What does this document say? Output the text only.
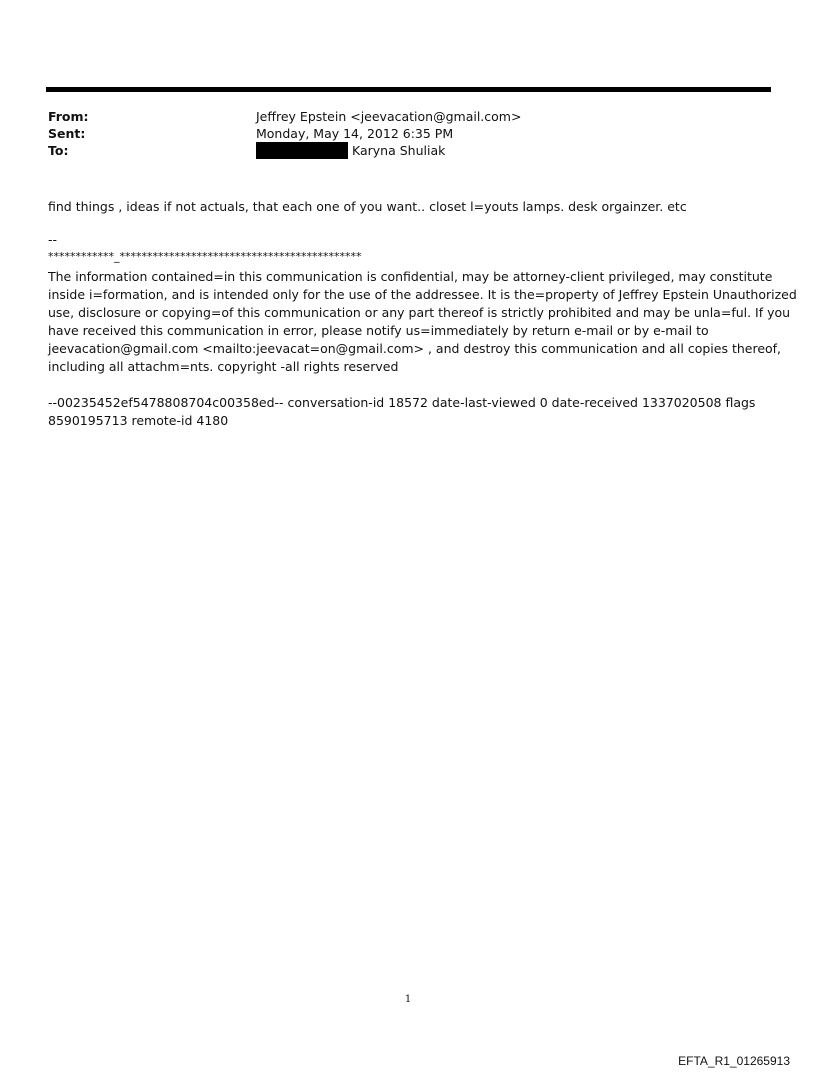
From:	Jeffrey Epstein <jeevacation@gmail.com>
Sent:	Monday, May 14, 2012 6:35 PM
To:	Karyna Shuliak
find things , ideas if not actuals, that each one of you want.. closet l=youts lamps. desk orgainzer. etc
--
************_********************************************

The information contained=in this communication is confidential, may be attorney-client privileged, may constitute

inside i=formation, and is intended only for the use of the addressee. It is the=property of Jeffrey Epstein Unauthorized

use, disclosure or copying=of this communication or any part thereof is strictly prohibited and may be unla=ful. If you

have received this communication in error, please notify us=immediately by return e-mail or by e-mail to

jeevacation@gmail.com <mailto:jeevacat=on@gmail.com> , and destroy this communication and all copies thereof,

including all attachm=nts. copyright -all rights reserved

--00235452ef5478808704c00358ed-- conversation-id 18572 date-last-viewed 0 date-received 1337020508 flags

8590195713 remote-id 4180

1
EFTA_R1_01265913
